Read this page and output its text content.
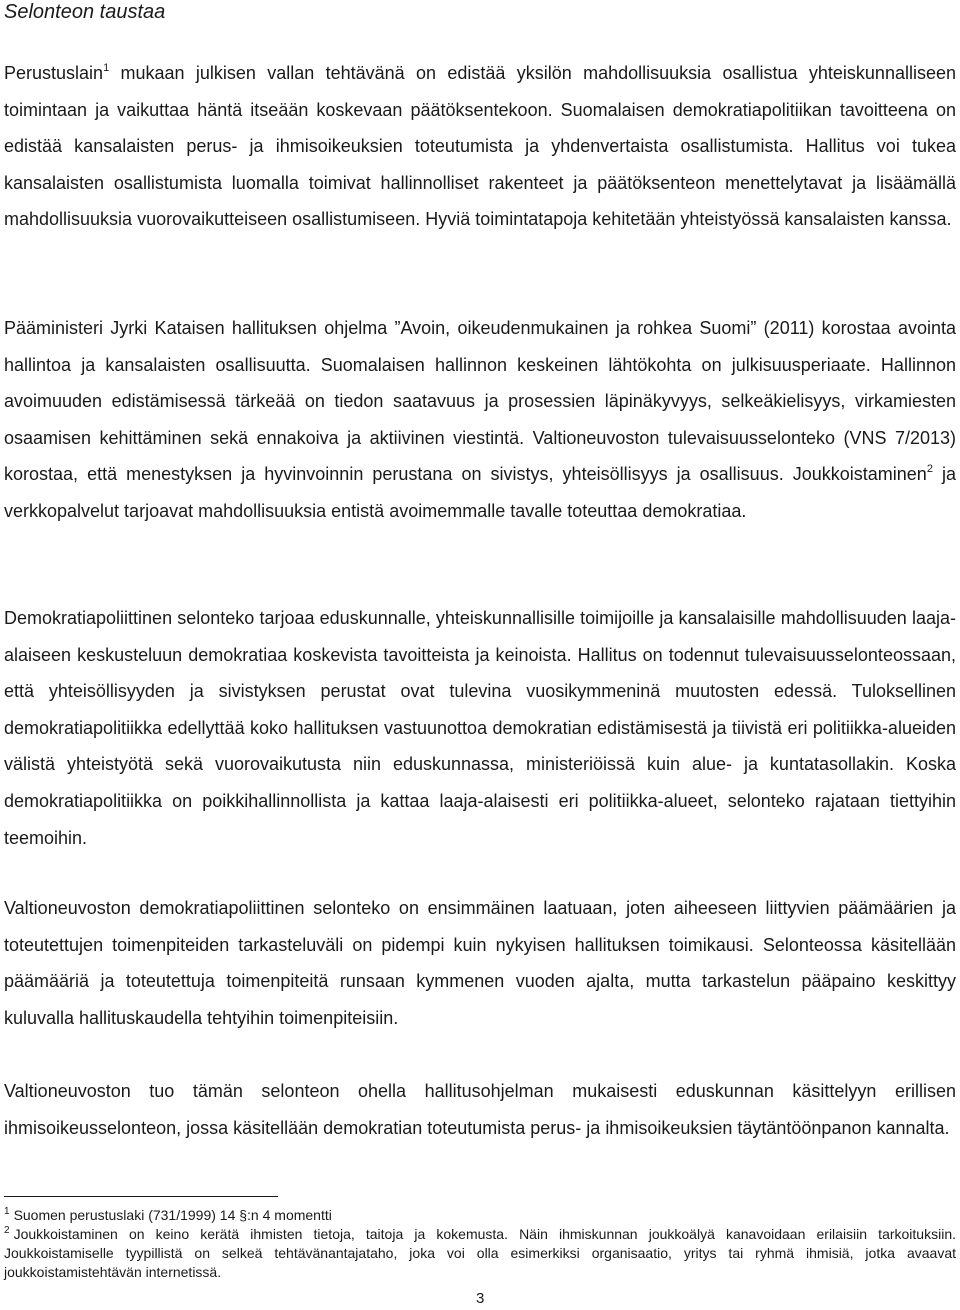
Selonteon taustaa

Perustuslain$^1$ mukaan julkisen vallan tehtävänä on edistää yksilön mahdollisuuksia osallistua yhteiskunnalliseen toimintaan ja vaikuttaa häntä itseään koskevaan päätöksentekoon. Suomalaisen demokratiapolitiikan tavoitteena on edistää kansalaisten perus- ja ihmisoikeuksien toteutumista ja yhdenvertaista osallistumista. Hallitus voi tukea kansalaisten osallistumista luomalla toimivat hallinnolliset rakenteet ja päätöksenteon menettelytavat ja lisäämällä mahdollisuuksia vuorovaikutteiseen osallistumiseen. Hyviä toimintatapoja kehitetään yhteistyössä kansalaisten kanssa.

Pääministeri Jyrki Kataisen hallituksen ohjelma ”Avoin, oikeudenmukainen ja rohkea Suomi” (2011) korostaa avointa hallintoa ja kansalaisten osallisuutta. Suomalaisen hallinnon keskeinen lähtökohta on julkisuusperiaate. Hallinnon avoimuuden edistämisessä tärkeää on tiedon saatavuus ja prosessien läpinäkyvyys, selkeäkielisyys, virkamiesten osaamisen kehittäminen sekä ennakoiva ja aktiivinen viestintä. Valtioneuvoston tulevaisuusselonteko (VNS 7/2013) korostaa, että menestyksen ja hyvinvoinnin perustana on sivistys, yhteisöllisyys ja osallisuus. Joukkoistaminen$^2$ ja verkkopalvelut tarjoavat mahdollisuuksia entistä avoimemmalle tavalle toteuttaa demokratiaa.

Demokratiapoliittinen selonteko tarjoaa eduskunnalle, yhteiskunnallisille toimijoille ja kansalaisille mahdollisuuden laaja-alaiseen keskusteluun demokratiaa koskevista tavoitteista ja keinoista. Hallitus on todennut tulevaisuusselonteossaan, että yhteisöllisyyden ja sivistyksen perustat ovat tulevina vuosikymmeninä muutosten edessä. Tuloksellinen demokratiapolitiikka edellyttää koko hallituksen vastuunottoa demokratian edistämisestä ja tiivistä eri politiikka-alueiden välistä yhteistyötä sekä vuorovaikutusta niin eduskunnassa, ministeriöissä kuin alue- ja kuntatasollakin. Koska demokratiapolitiikka on poikkihallinnollista ja kattaa laaja-alaisesti eri politiikka-alueet, selonteko rajataan tiettyihin teemoihin.

Valtioneuvoston demokratiapoliittinen selonteko on ensimmäinen laatuaan, joten aiheeseen liittyvien päämäärien ja toteutettujen toimenpiteiden tarkasteluväli on pidempi kuin nykyisen hallituksen toimikausi. Selonteossa käsitellään päämääriä ja toteutettuja toimenpiteitä runsaan kymmenen vuoden ajalta, mutta tarkastelun pääpaino keskittyy kuluvalla hallituskaudella tehtyihin toimenpiteisiin.

Valtioneuvoston tuo tämän selonteon ohella hallitusohjelman mukaisesti eduskunnan käsittelyyn erillisen ihmisoikeusselonteon, jossa käsitellään demokratian toteutumista perus- ja ihmisoikeuksien täytäntöönpanon kannalta.

$^1$ Suomen perustuslaki (731/1999) 14 §:n 4 momentti

$^2$ Joukkoistaminen on keino kerätä ihmisten tietoja, taitoja ja kokemusta. Näin ihmiskunnan joukkoälyä kanavoidaan erilaisiin tarkoituksiin. Joukkoistamiselle tyypillistä on selkeä tehtävänantajataho, joka voi olla esimerkiksi organisaatio, yritys tai ryhmä ihmisiä, jotka avaavat joukkoistamistehtävän internetissä.

3
